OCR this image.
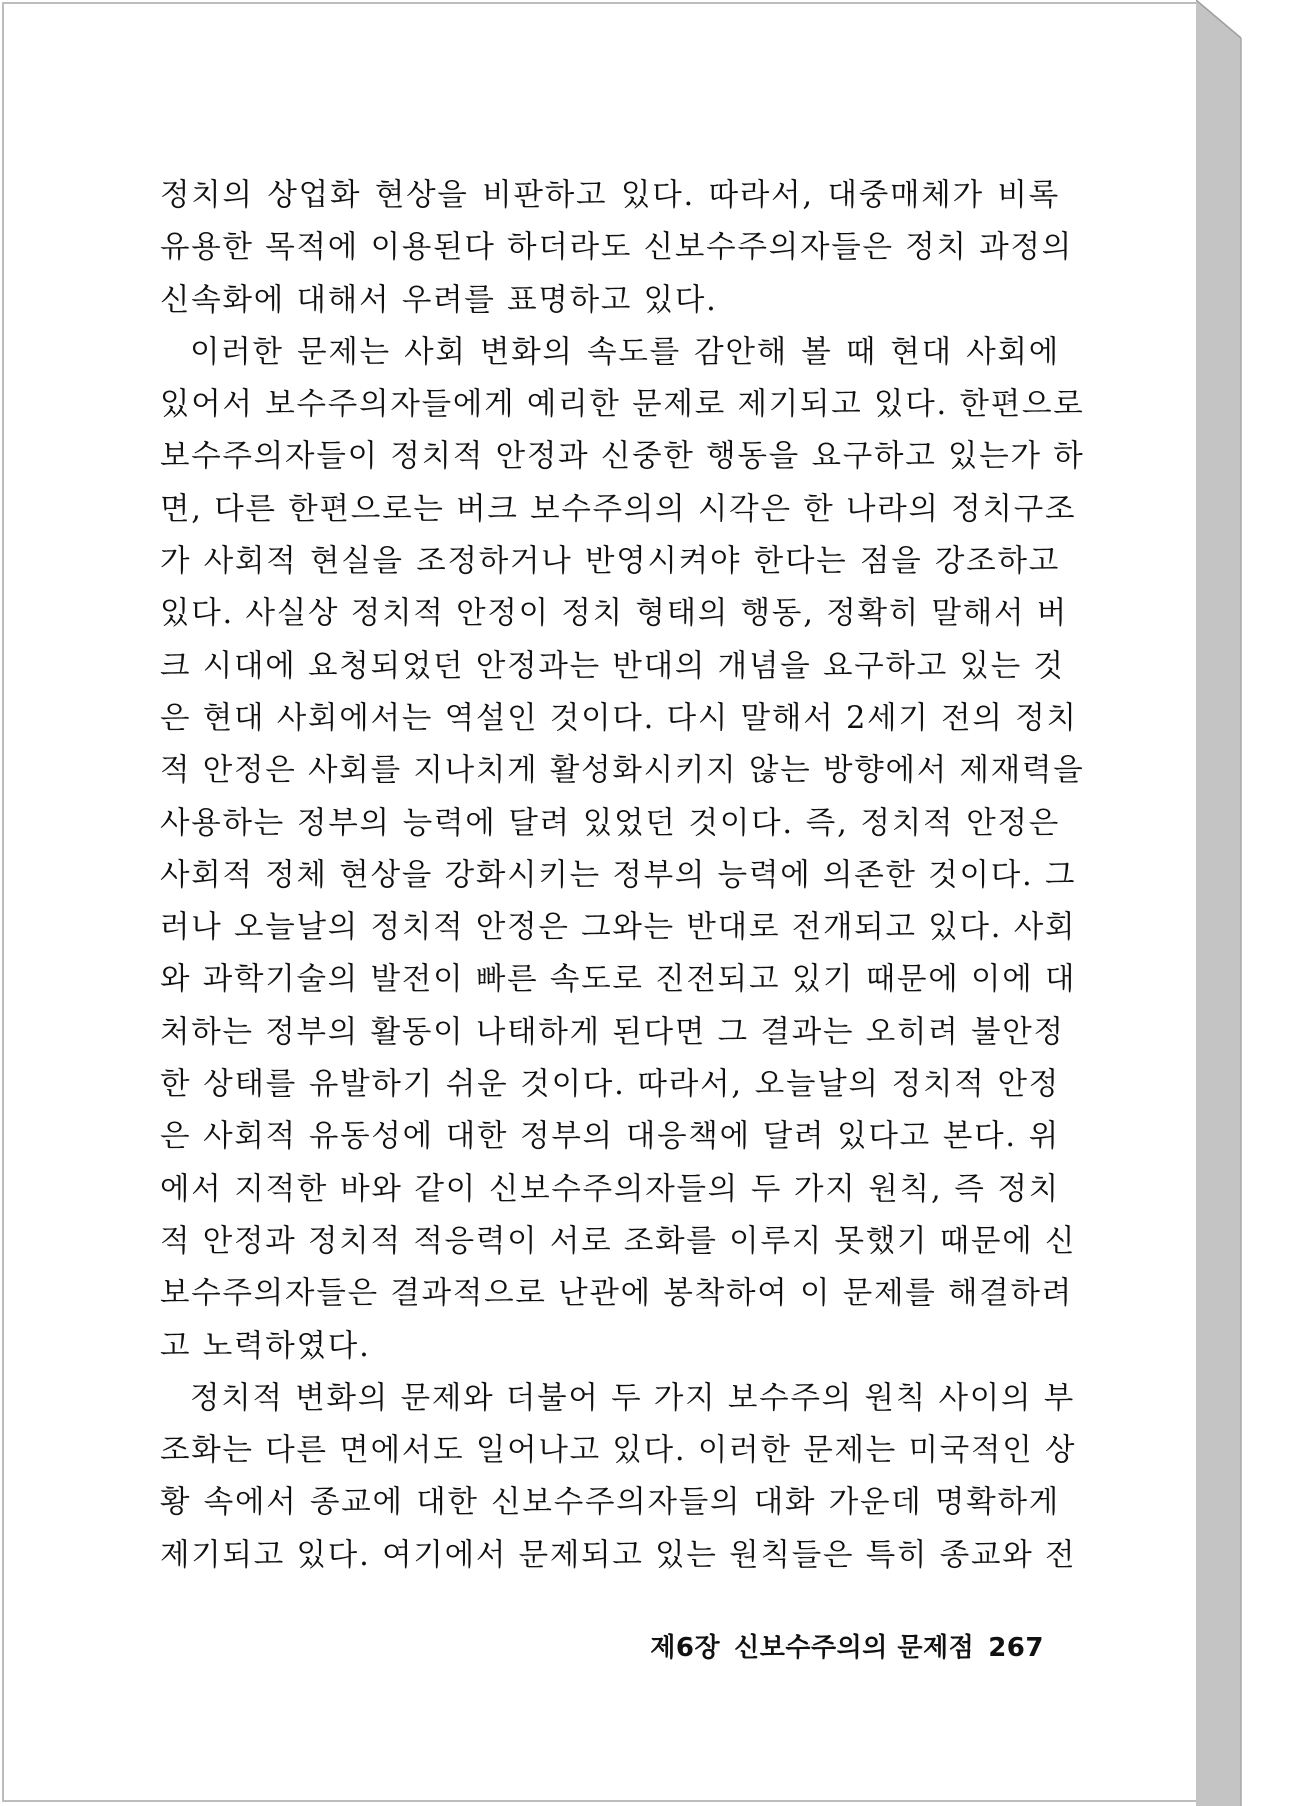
정치의 상업화 현상을 비판하고 있다. 따라서, 대중매체가 비록
유용한 목적에 이용된다 하더라도 신보수주의자들은 정치 과정의
신속화에 대해서 우려를 표명하고 있다.
이러한 문제는 사회 변화의 속도를 감안해 볼 때 현대 사회에
있어서 보수주의자들에게 예리한 문제로 제기되고 있다. 한편으로
보수주의자들이 정치적 안정과 신중한 행동을 요구하고 있는가 하
면, 다른 한편으로는 버크 보수주의의 시각은 한 나라의 정치구조
가 사회적 현실을 조정하거나 반영시켜야 한다는 점을 강조하고
있다. 사실상 정치적 안정이 정치 형태의 행동, 정확히 말해서 버
크 시대에 요청되었던 안정과는 반대의 개념을 요구하고 있는 것
은 현대 사회에서는 역설인 것이다. 다시 말해서 2세기 전의 정치
적 안정은 사회를 지나치게 활성화시키지 않는 방향에서 제재력을
사용하는 정부의 능력에 달려 있었던 것이다. 즉, 정치적 안정은
사회적 정체 현상을 강화시키는 정부의 능력에 의존한 것이다. 그
러나 오늘날의 정치적 안정은 그와는 반대로 전개되고 있다. 사회
와 과학기술의 발전이 빠른 속도로 진전되고 있기 때문에 이에 대
처하는 정부의 활동이 나태하게 된다면 그 결과는 오히려 불안정
한 상태를 유발하기 쉬운 것이다. 따라서, 오늘날의 정치적 안정
은 사회적 유동성에 대한 정부의 대응책에 달려 있다고 본다. 위
에서 지적한 바와 같이 신보수주의자들의 두 가지 원칙, 즉 정치
적 안정과 정치적 적응력이 서로 조화를 이루지 못했기 때문에 신
보수주의자들은 결과적으로 난관에 봉착하여 이 문제를 해결하려
고 노력하였다.
정치적 변화의 문제와 더불어 두 가지 보수주의 원칙 사이의 부
조화는 다른 면에서도 일어나고 있다. 이러한 문제는 미국적인 상
황 속에서 종교에 대한 신보수주의자들의 대화 가운데 명확하게
제기되고 있다. 여기에서 문제되고 있는 원칙들은 특히 종교와 전
제6장 신보수주의의 문제점 267
